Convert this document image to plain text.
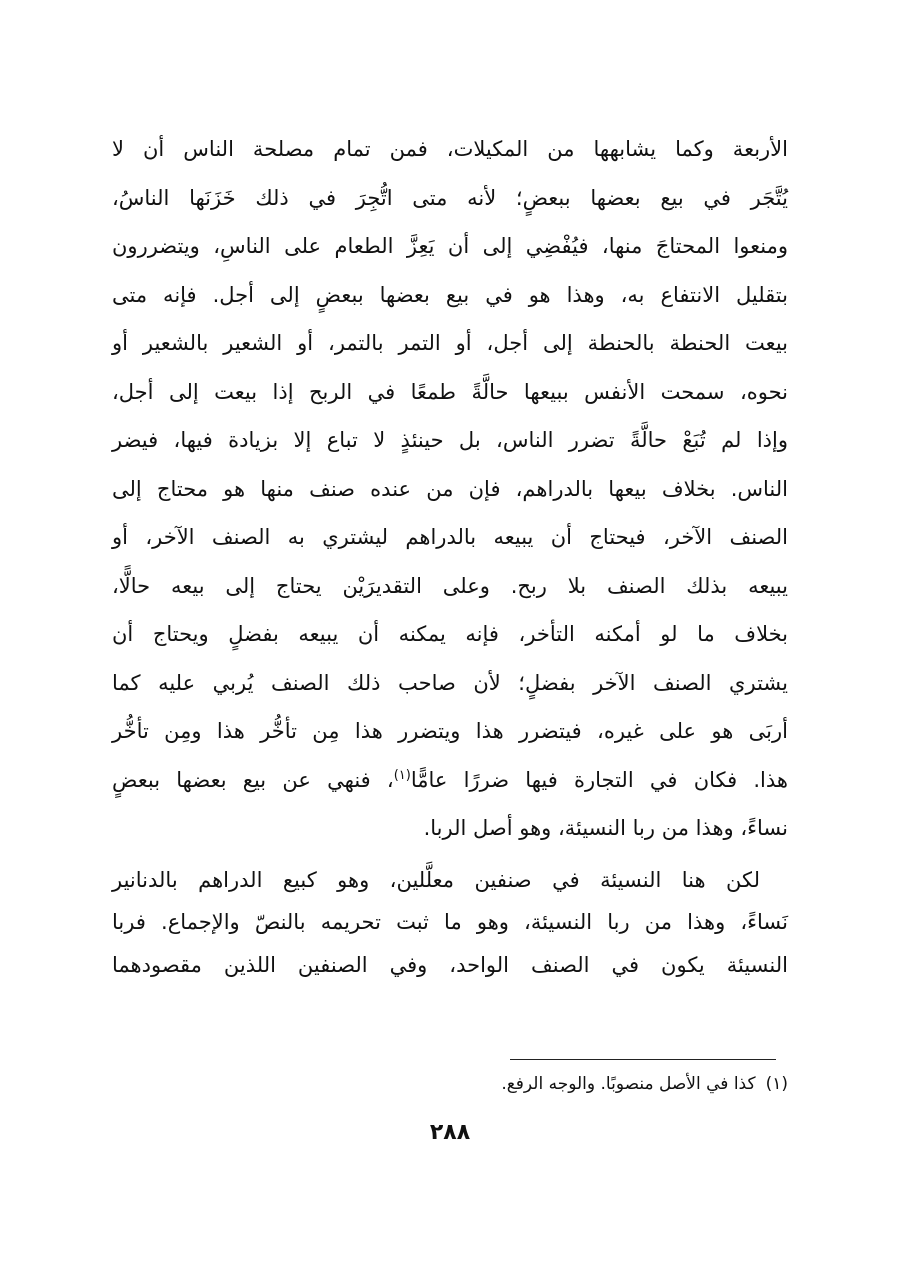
الأربعة وكما يشابهها من المكيلات، فمن تمام مصلحة الناس أن لا
يُتَّجَر في بيع بعضها ببعضٍ؛ لأنه متى اتُّجِرَ في ذلك خَزَنَها الناسُ،
ومنعوا المحتاجَ منها، فيُفْضِي إلى أن يَعِزَّ الطعام على الناسِ، ويتضررون
بتقليل الانتفاع به، وهذا هو في بيع بعضها ببعضٍ إلى أجل. فإنه متى
بيعت الحنطة بالحنطة إلى أجل، أو التمر بالتمر، أو الشعير بالشعير أو
نحوه، سمحت الأنفس ببيعها حالَّةً طمعًا في الربح إذا بيعت إلى أجل،
وإذا لم تُبَعْ حالَّةً تضرر الناس، بل حينئذٍ لا تباع إلا بزيادة فيها، فيضر
الناس. بخلاف بيعها بالدراهم، فإن من عنده صنف منها هو محتاج إلى
الصنف الآخر، فيحتاج أن يبيعه بالدراهم ليشتري به الصنف الآخر، أو
يبيعه بذلك الصنف بلا ربح. وعلى التقديرَيْن يحتاج إلى بيعه حالًّا،
بخلاف ما لو أمكنه التأخر، فإنه يمكنه أن يبيعه بفضلٍ ويحتاج أن
يشتري الصنف الآخر بفضلٍ؛ لأن صاحب ذلك الصنف يُربي عليه كما
أربَى هو على غيره، فيتضرر هذا ويتضرر هذا مِن تأخُّر هذا ومِن تأخُّر
هذا. فكان في التجارة فيها ضررًا عامًّا$^{(١)}$، فنهي عن بيع بعضها ببعضٍ
نساءً، وهذا من ربا النسيئة، وهو أصل الربا.
لكن هنا النسيئة في صنفين معلَّلين، وهو كبيع الدراهم بالدنانير
نَساءً، وهذا من ربا النسيئة، وهو ما ثبت تحريمه بالنصّ والإجماع. فربا
النسيئة يكون في الصنف الواحد، وفي الصنفين اللذين مقصودهما
(١)كذا في الأصل منصوبًا. والوجه الرفع.
٢٨٨
